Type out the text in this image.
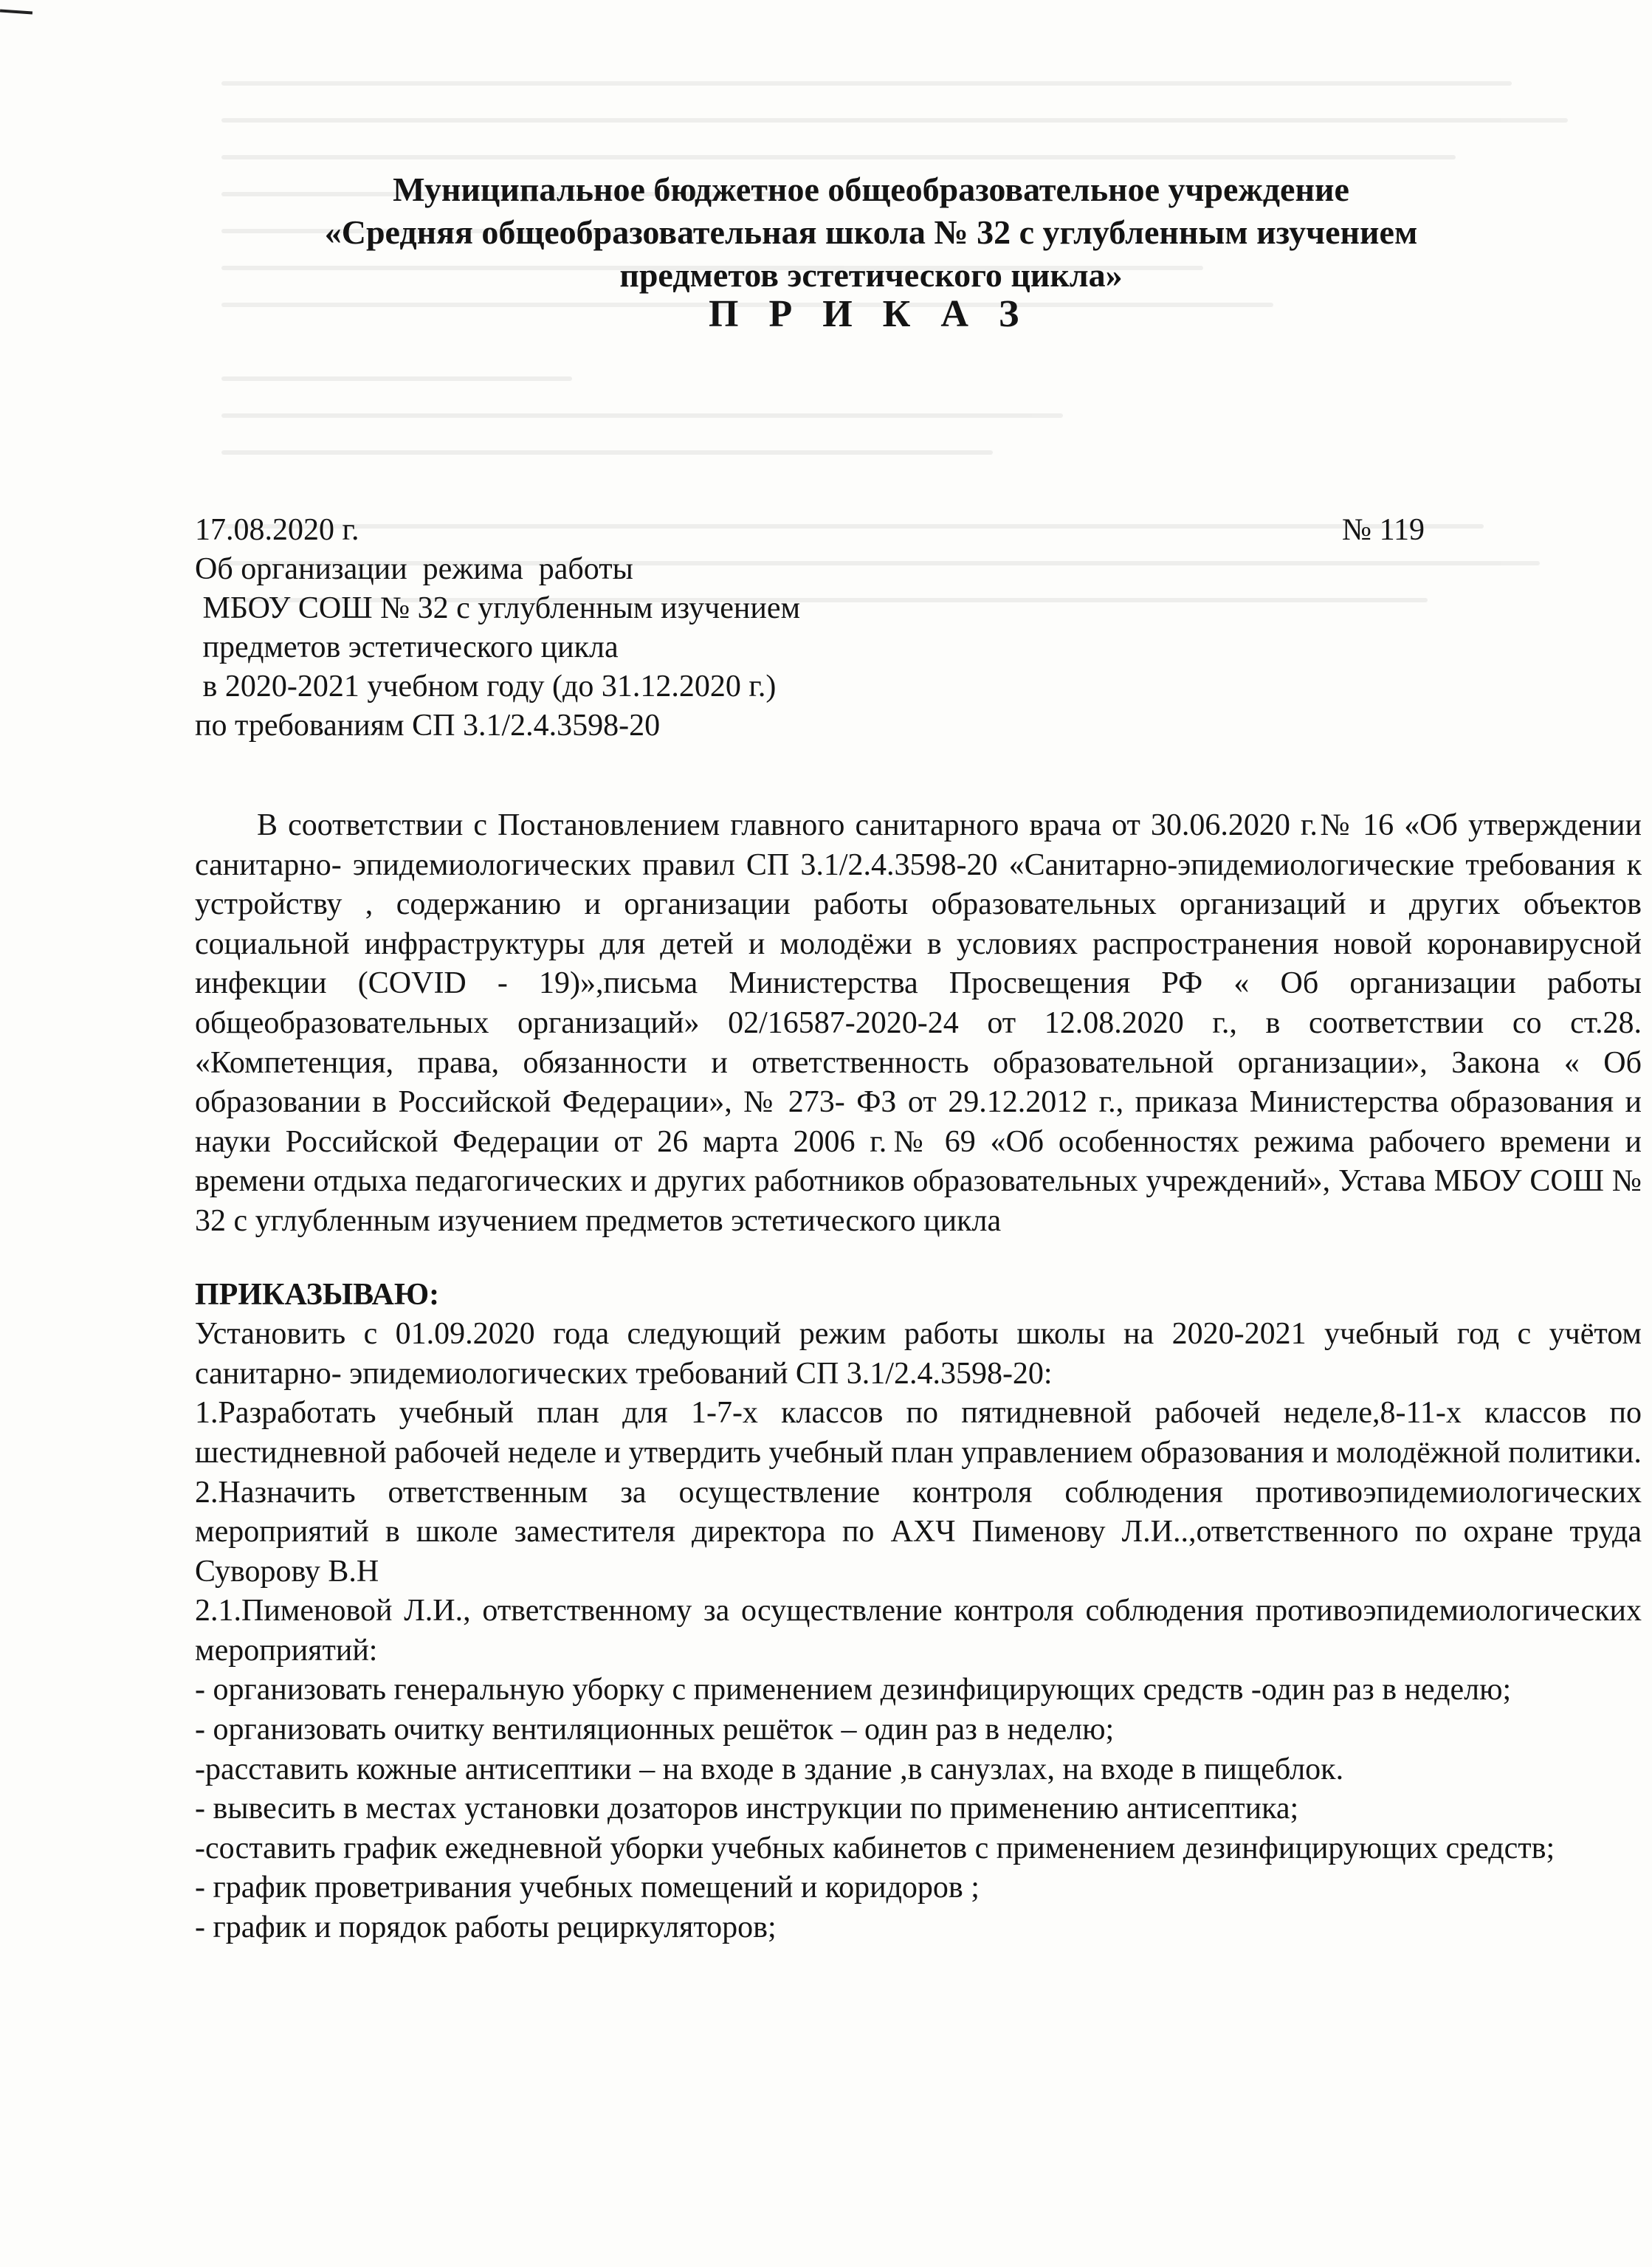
Муниципальное бюджетное общеобразовательное учреждение
«Средняя общеобразовательная школа № 32 с углубленным изучением
предметов эстетического цикла»
П Р И К А З
17.08.2020 г.
Об организации  режима  работы
МБОУ СОШ № 32 с углубленным изучением
предметов эстетического цикла
в 2020-2021 учебном году (до 31.12.2020 г.)
по требованиям СП 3.1/2.4.3598-20
№ 119

В соответствии с Постановлением главного санитарного врача от 30.06.2020 г.№ 16 «Об утверждении санитарно- эпидемиологических правил СП 3.1/2.4.3598-20 «Санитарно-эпидемиологические требования к устройству , содержанию и организации работы образовательных организаций и других объектов социальной инфраструктуры для детей и молодёжи в условиях распространения новой коронавирусной инфекции (COVID - 19)»,письма Министерства Просвещения РФ « Об организации работы общеобразовательных организаций» 02/16587-2020-24 от 12.08.2020 г., в соответствии со ст.28. «Компетенция, права, обязанности и ответственность образовательной организации», Закона « Об образовании в Российской Федерации», № 273- ФЗ от 29.12.2012 г., приказа Министерства образования и науки Российской Федерации от 26 марта 2006 г.№ 69 «Об особенностях режима рабочего времени и времени отдыха педагогических и других работников образовательных учреждений», Устава МБОУ СОШ № 32 с углубленным изучением предметов эстетического цикла

ПРИКАЗЫВАЮ:

Установить с 01.09.2020 года следующий режим работы школы на 2020-2021 учебный год с учётом санитарно- эпидемиологических требований СП 3.1/2.4.3598-20:

1.Разработать учебный план для 1-7-х классов по пятидневной рабочей неделе,8-11-х классов по шестидневной рабочей неделе и утвердить учебный план управлением образования и молодёжной политики.

2.Назначить ответственным за осуществление контроля соблюдения противоэпидемиологических мероприятий в школе заместителя директора по АХЧ Пименову Л.И..,ответственного по охране труда Суворову В.Н

2.1.Пименовой Л.И., ответственному за осуществление контроля соблюдения противоэпидемиологических мероприятий:

- организовать генеральную уборку с применением дезинфицирующих средств -один раз в неделю;

- организовать очитку вентиляционных решёток – один раз в неделю;

-расставить кожные антисептики – на входе в здание ,в санузлах, на входе в пищеблок.

- вывесить в местах установки дозаторов инструкции по применению антисептика;

-составить график ежедневной уборки учебных кабинетов с применением дезинфицирующих средств;

- график проветривания учебных помещений и коридоров ;

- график и порядок работы рециркуляторов;
